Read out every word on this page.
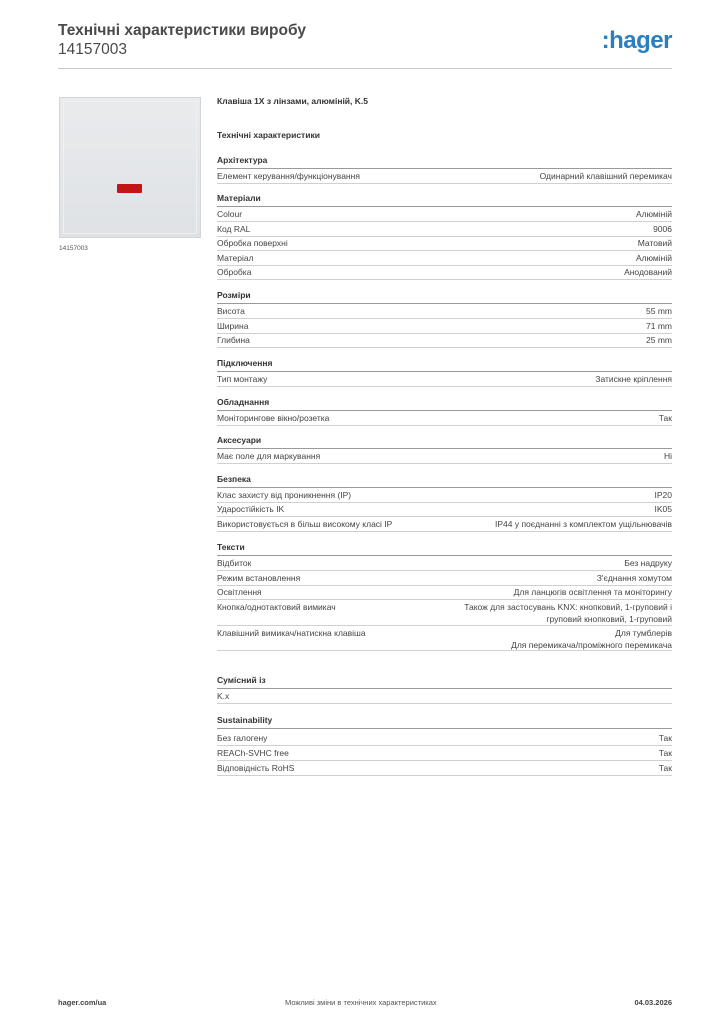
Технічні характеристики виробу
14157003	:hager
14157003
Клавіша 1X з лінзами, алюміній, K.5
Технічні характеристики
Архітектура
Елемент керування/функціонування	Одинарний клавішний перемикач
Матеріали
Colour	Алюміній
Код RAL	9006
Обробка поверхні	Матовий
Матеріал	Алюміній
Обробка	Анодований
Розміри
Висота	55 mm
Ширина	71 mm
Глибина	25 mm
Підключення
Тип монтажу	Затискне кріплення
Обладнання
Моніторингове вікно/розетка	Так
Аксесуари
Має поле для маркування	Ні
Безпека
Клас захисту від проникнення (IP)	IP20
Ударостійкість IK	IK05
Використовується в більш високому класі IP	IP44 у поєднанні з комплектом ущільнювачів
Тексти
Відбиток	Без надруку
Режим встановлення	З'єднання хомутом
Освітлення	Для ланцюгів освітлення та моніторингу
Кнопка/однотактовий вимикач	Також для застосувань KNX: кнопковий, 1-груповий і
груповий кнопковий, 1-груповий
Клавішний вимикач/натискна клавіша	Для тумблерів
Для перемикача/проміжного перемикача
Сумісний із
K.x
Sustainability
Без галогену	Так
REACh-SVHC free	Так
Відповідність RoHS	Так
hager.com/ua	Можливі зміни в технічних характеристиках	04.03.2026
